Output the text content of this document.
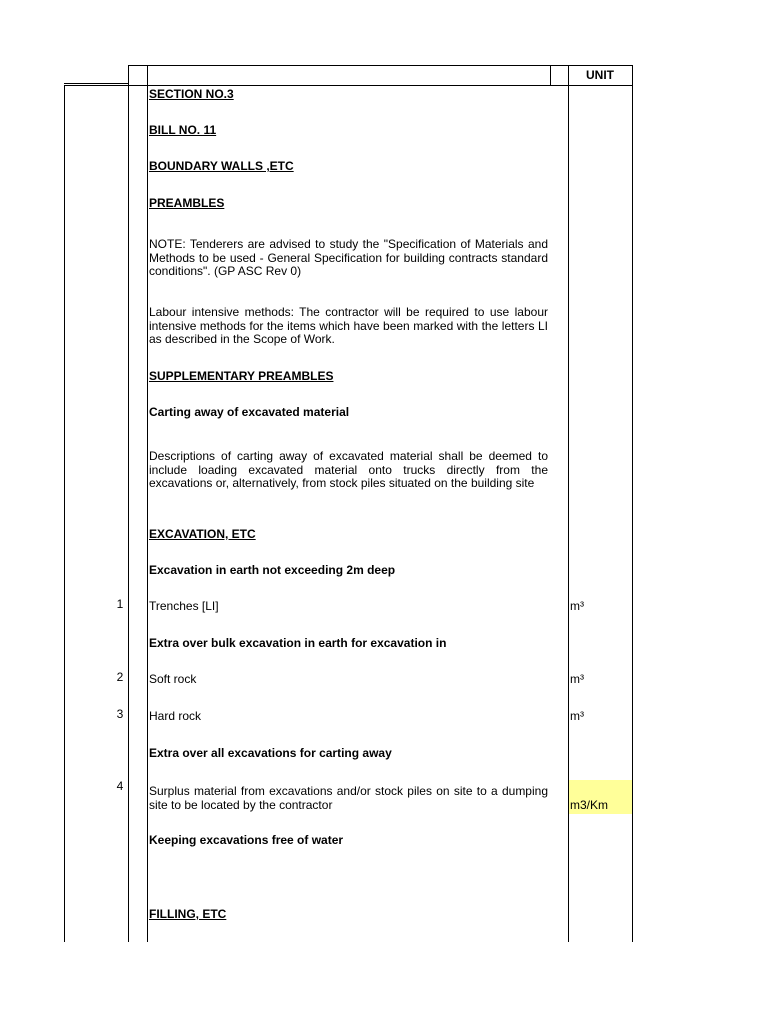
UNIT
SECTION NO.3
BILL NO. 11
BOUNDARY WALLS ,ETC
PREAMBLES
NOTE: Tenderers are advised to study the "Specification of Materials and Methods to be used - General Specification for building contracts standard conditions". (GP ASC Rev 0)
Labour intensive methods: The contractor will be required to use labour intensive methods for the items which have been marked with the letters LI as described in the Scope of Work.
SUPPLEMENTARY PREAMBLES
Carting away of excavated material
Descriptions of carting away of excavated material shall be deemed to include loading excavated material onto trucks directly from the excavations or, alternatively, from stock piles situated on the building site
EXCAVATION, ETC
Excavation in earth not exceeding 2m deep
1	Trenches [LI]	m³
Extra over bulk excavation in earth for excavation in
2	Soft rock	m³
3	Hard rock	m³
Extra over all excavations for carting away
4	Surplus material from excavations and/or stock piles on site to a dumping site to be located by the contractor	m3/Km
Keeping excavations free of water
FILLING, ETC
